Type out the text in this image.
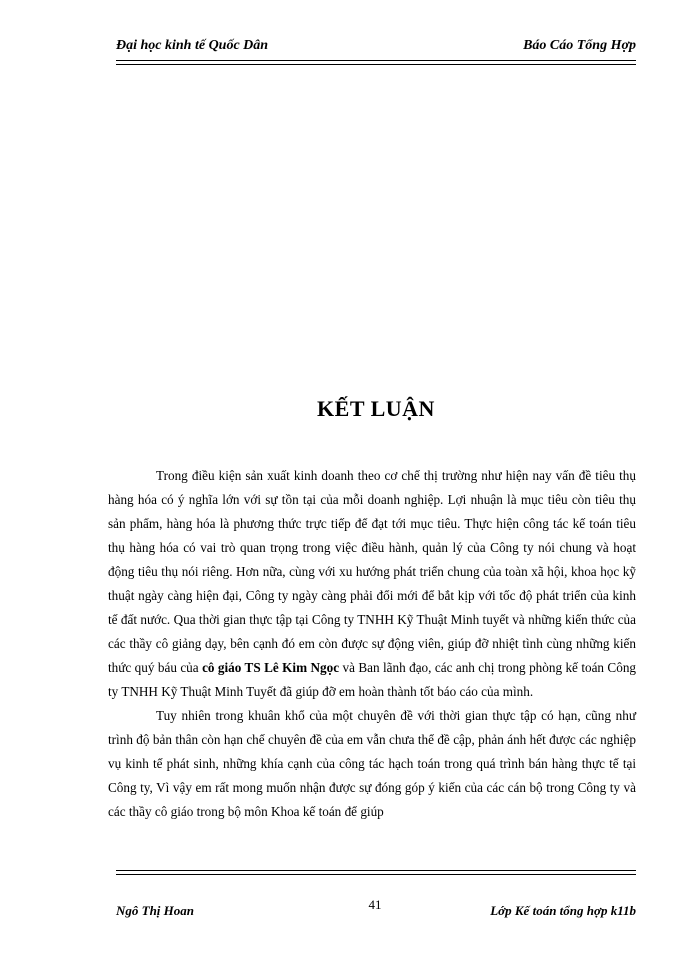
Đại học kinh tế Quốc Dân	Báo Cáo Tổng Hợp
KẾT LUẬN

Trong điều kiện sản xuất kinh doanh theo cơ chế thị trường như hiện nay vấn đề tiêu thụ hàng hóa có ý nghĩa lớn với sự tồn tại của mỗi doanh nghiệp. Lợi nhuận là mục tiêu còn tiêu thụ sản phẩm, hàng hóa là phương thức trực tiếp để đạt tới mục tiêu. Thực hiện công tác kế toán tiêu thụ hàng hóa có vai trò quan trọng trong việc điều hành, quản lý của Công ty nói chung và hoạt động tiêu thụ nói riêng. Hơn nữa, cùng với xu hướng phát triển chung của toàn xã hội, khoa học kỹ thuật ngày càng hiện đại, Công ty ngày càng phải đổi mới để bắt kịp với tốc độ phát triển của kinh tế đất nước. Qua thời gian thực tập tại Công ty TNHH Kỹ Thuật Minh tuyết và những kiến thức của các thầy cô giảng dạy, bên cạnh đó em còn được sự động viên, giúp đỡ nhiệt tình cùng những kiến thức quý báu của cô giáo TS Lê Kim Ngọc và Ban lãnh đạo, các anh chị trong phòng kế toán Công ty TNHH Kỹ Thuật Minh Tuyết đã giúp đỡ em hoàn thành tốt báo cáo của mình.

Tuy nhiên trong khuân khổ của một chuyên đề với thời gian thực tập có hạn, cũng như trình độ bản thân còn hạn chế chuyên đề của em vẫn chưa thể đề cập, phản ánh hết được các nghiệp vụ kinh tế phát sinh, những khía cạnh của công tác hạch toán trong quá trình bán hàng thực tế tại Công ty, Vì vậy em rất mong muốn nhận được sự đóng góp ý kiến của các cán bộ trong Công ty và các thầy cô giáo trong bộ môn Khoa kế toán để giúp

Ngô Thị Hoan	41	Lớp Kế toán tổng hợp k11b
